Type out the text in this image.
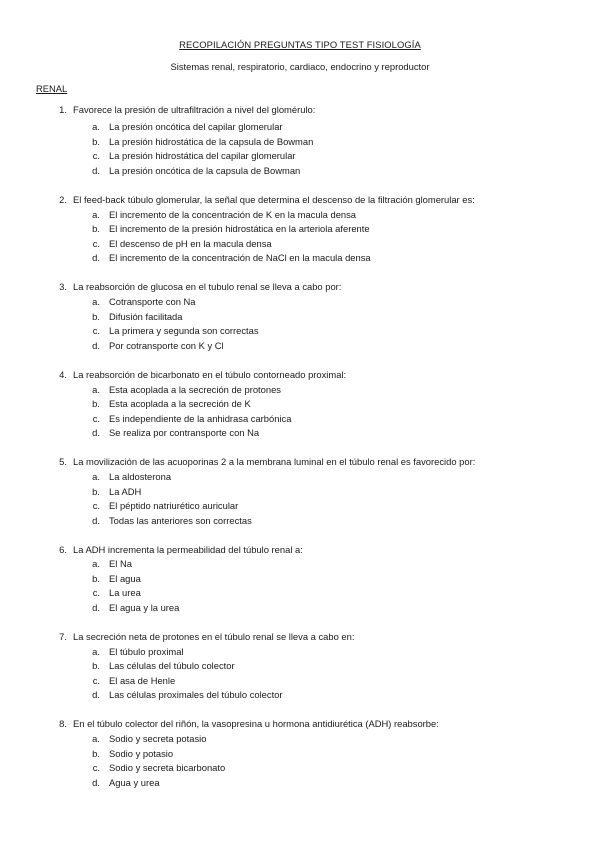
RECOPILACIÓN PREGUNTAS TIPO TEST FISIOLOGÍA
Sistemas renal, respiratorio, cardiaco, endocrino y reproductor
RENAL
1. Favorece la presión de ultrafiltración a nivel del glomérulo:
a. La presión oncótica del capilar glomerular
b. La presión hidrostática de la capsula de Bowman
c. La presión hidrostática del capilar glomerular
d. La presión oncótica de la capsula de Bowman
2. El feed-back túbulo glomerular, la señal que determina el descenso de la filtración glomerular es:
a. El incremento de la concentración de K en la macula densa
b. El incremento de la presión hidrostática en la arteriola aferente
c. El descenso de pH en la macula densa
d. El incremento de la concentración de NaCl en la macula densa
3. La reabsorción de glucosa en el tubulo renal se lleva a cabo por:
a. Cotransporte con Na
b. Difusión facilitada
c. La primera y segunda son correctas
d. Por cotransporte con K y Cl
4. La reabsorción de bicarbonato en el túbulo contorneado proximal:
a. Esta acoplada a la secreción de protones
b. Esta acoplada a la secreción de K
c. Es independiente de la anhidrasa carbónica
d. Se realiza por contransporte con Na
5. La movilización de las acuoporinas 2 a la membrana luminal en el túbulo renal es favorecido por:
a. La aldosterona
b. La ADH
c. El péptido natriurético auricular
d. Todas las anteriores son correctas
6. La ADH incrementa la permeabilidad del túbulo renal a:
a. El Na
b. El agua
c. La urea
d. El agua y la urea
7. La secreción neta de protones en el túbulo renal se lleva a cabo en:
a. El túbulo proximal
b. Las células del túbulo colector
c. El asa de Henle
d. Las células proximales del túbulo colector
8. En el túbulo colector del riñón, la vasopresina u hormona antidiurética (ADH) reabsorbe:
a. Sodio y secreta potasio
b. Sodio y potasio
c. Sodio y secreta bicarbonato
d. Agua y urea
